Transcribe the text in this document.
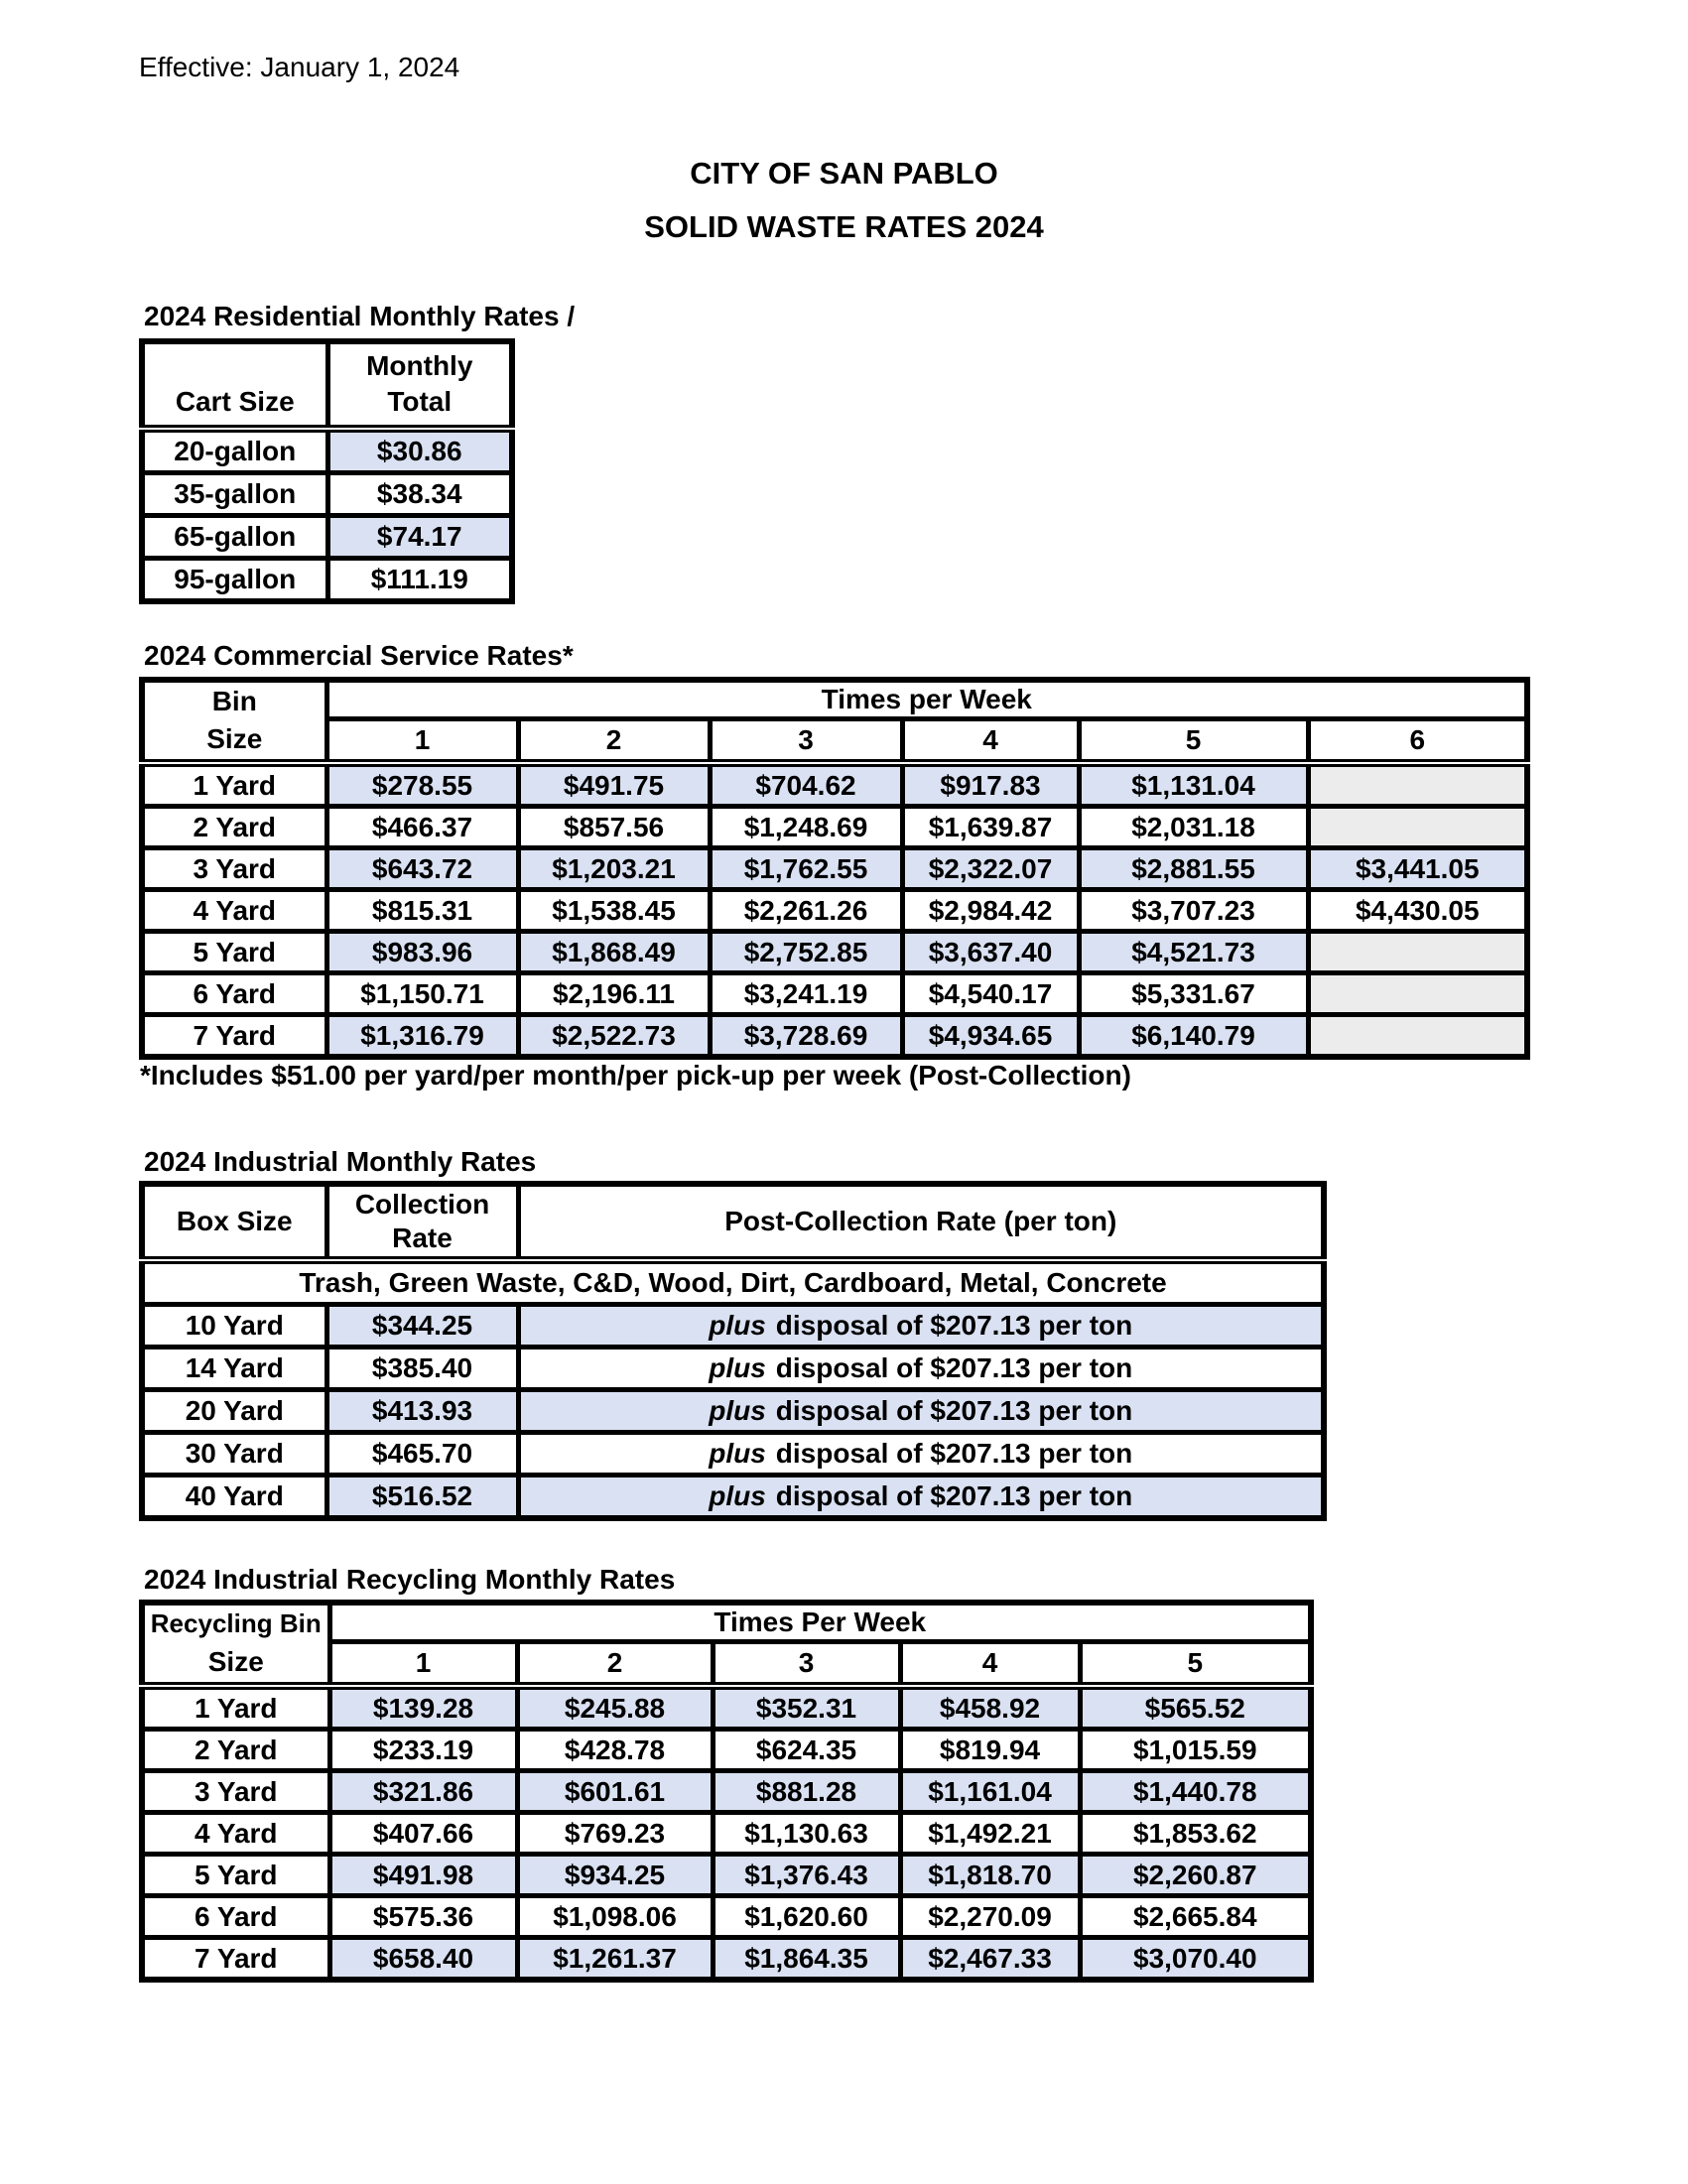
Effective: January 1, 2024
CITY OF SAN PABLO
SOLID WASTE RATES 2024
2024 Residential Monthly Rates /
Cart Size	Monthly
Total

20-gallon	$30.86
35-gallon	$38.34
65-gallon	$74.17
95-gallon	$111.19
2024 Commercial Service Rates*
Bin
Size	Times per Week					
	1	2	3	4	5	6
1 Yard	$278.55	$491.75	$704.62	$917.83	$1,131.04	
2 Yard	$466.37	$857.56	$1,248.69	$1,639.87	$2,031.18	
3 Yard	$643.72	$1,203.21	$1,762.55	$2,322.07	$2,881.55	$3,441.05
4 Yard	$815.31	$1,538.45	$2,261.26	$2,984.42	$3,707.23	$4,430.05
5 Yard	$983.96	$1,868.49	$2,752.85	$3,637.40	$4,521.73	
6 Yard	$1,150.71	$2,196.11	$3,241.19	$4,540.17	$5,331.67	
7 Yard	$1,316.79	$2,522.73	$3,728.69	$4,934.65	$6,140.79	
*Includes $51.00 per yard/per month/per pick-up per week (Post-Collection)
2024 Industrial Monthly Rates
Box Size	Collection
Rate	Post-Collection Rate (per ton)
Trash, Green Waste, C&D, Wood, Dirt, Cardboard, Metal, Concrete		
10 Yard	$344.25	plus disposal of $207.13 per ton
14 Yard	$385.40	plus disposal of $207.13 per ton
20 Yard	$413.93	plus disposal of $207.13 per ton
30 Yard	$465.70	plus disposal of $207.13 per ton
40 Yard	$516.52	plus disposal of $207.13 per ton
2024 Industrial Recycling Monthly Rates
Recycling Bin
Size	Times Per Week				
	1	2	3	4	5
1 Yard	$139.28	$245.88	$352.31	$458.92	$565.52
2 Yard	$233.19	$428.78	$624.35	$819.94	$1,015.59
3 Yard	$321.86	$601.61	$881.28	$1,161.04	$1,440.78
4 Yard	$407.66	$769.23	$1,130.63	$1,492.21	$1,853.62
5 Yard	$491.98	$934.25	$1,376.43	$1,818.70	$2,260.87
6 Yard	$575.36	$1,098.06	$1,620.60	$2,270.09	$2,665.84
7 Yard	$658.40	$1,261.37	$1,864.35	$2,467.33	$3,070.40
